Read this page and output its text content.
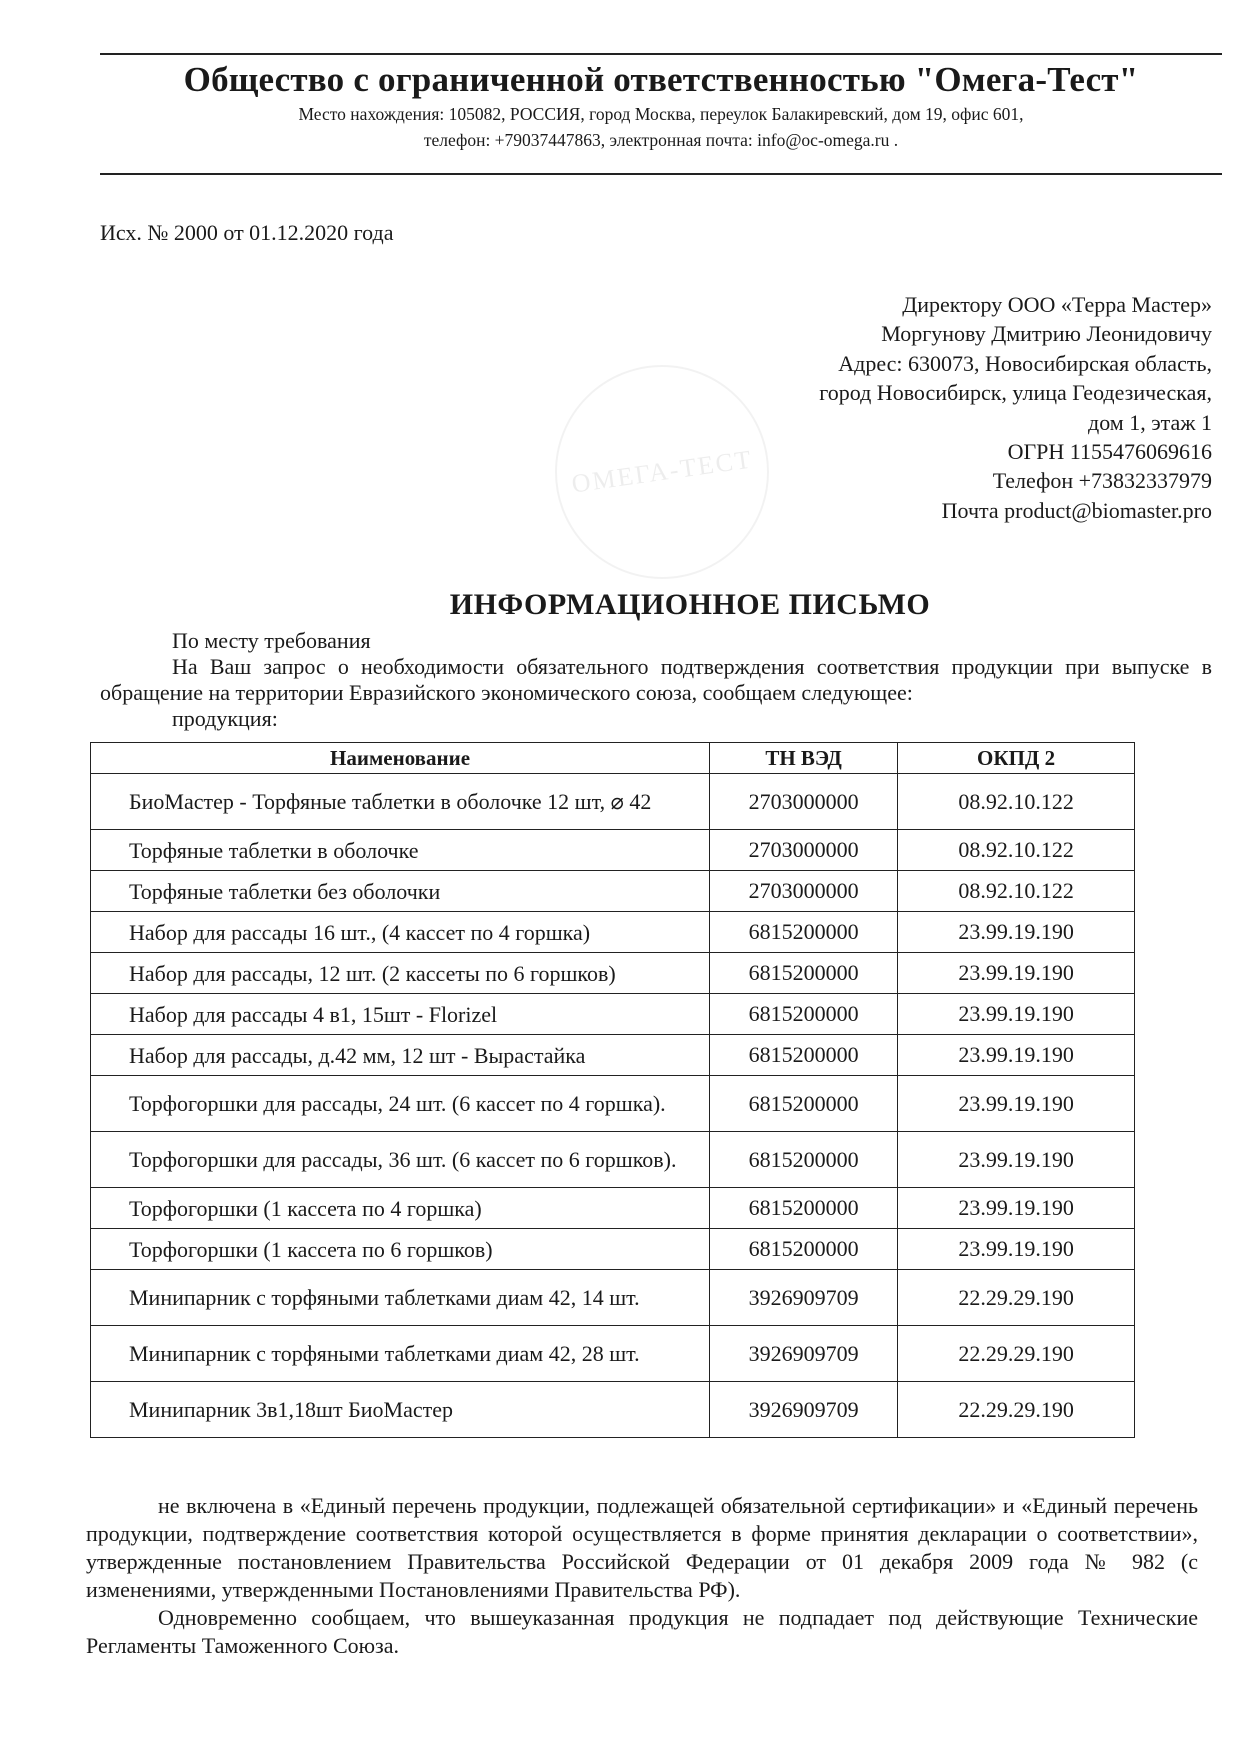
Общество с ограниченной ответственностью "Омега-Тест"
Место нахождения: 105082, РОССИЯ, город Москва, переулок Балакиревский, дом 19, офис 601,
телефон: +79037447863, электронная почта: info@oc-omega.ru .
Исх. № 2000 от 01.12.2020 года
ОМЕГА-ТЕСТ
Директору ООО «Терра Мастер»
Моргунову Дмитрию Леонидовичу
Адрес: 630073, Новосибирская область,
город Новосибирск, улица Геодезическая,
дом 1, этаж 1
ОГРН 1155476069616
Телефон +73832337979
Почта product@biomaster.pro
ИНФОРМАЦИОННОЕ ПИСЬМО
По месту требования
На Ваш запрос о необходимости обязательного подтверждения соответствия продукции при выпуске в обращение на территории Евразийского экономического союза, сообщаем следующее:
продукция:
Наименование	ТН ВЭД	ОКПД 2
БиоМастер - Торфяные таблетки в оболочке 12 шт, ⌀ 42	2703000000	08.92.10.122
Торфяные таблетки в оболочке	2703000000	08.92.10.122
Торфяные таблетки без оболочки	2703000000	08.92.10.122
Набор для рассады 16 шт., (4 кассет по 4 горшка)	6815200000	23.99.19.190
Набор для рассады, 12 шт. (2 кассеты по 6 горшков)	6815200000	23.99.19.190
Набор для рассады 4 в1, 15шт - Florizel	6815200000	23.99.19.190
Набор для рассады, д.42 мм, 12 шт - Вырастайка	6815200000	23.99.19.190
Торфогоршки для рассады, 24 шт. (6 кассет по 4 горшка).	6815200000	23.99.19.190
Торфогоршки для рассады, 36 шт. (6 кассет по 6 горшков).	6815200000	23.99.19.190
Торфогоршки (1 кассета по 4 горшка)	6815200000	23.99.19.190
Торфогоршки (1 кассета по 6 горшков)	6815200000	23.99.19.190
Минипарник с торфяными таблетками диам 42, 14 шт.	3926909709	22.29.29.190
Минипарник с торфяными таблетками диам 42, 28 шт.	3926909709	22.29.29.190
Минипарник 3в1,18шт БиоМастер	3926909709	22.29.29.190

не включена в «Единый перечень продукции, подлежащей обязательной сертификации» и «Единый перечень продукции, подтверждение соответствия которой осуществляется в форме принятия декларации о соответствии», утвержденные постановлением Правительства Российской Федерации от 01 декабря 2009 года № 982 (с изменениями, утвержденными Постановлениями Правительства РФ).

Одновременно сообщаем, что вышеуказанная продукция не подпадает под действующие Технические Регламенты Таможенного Союза.
